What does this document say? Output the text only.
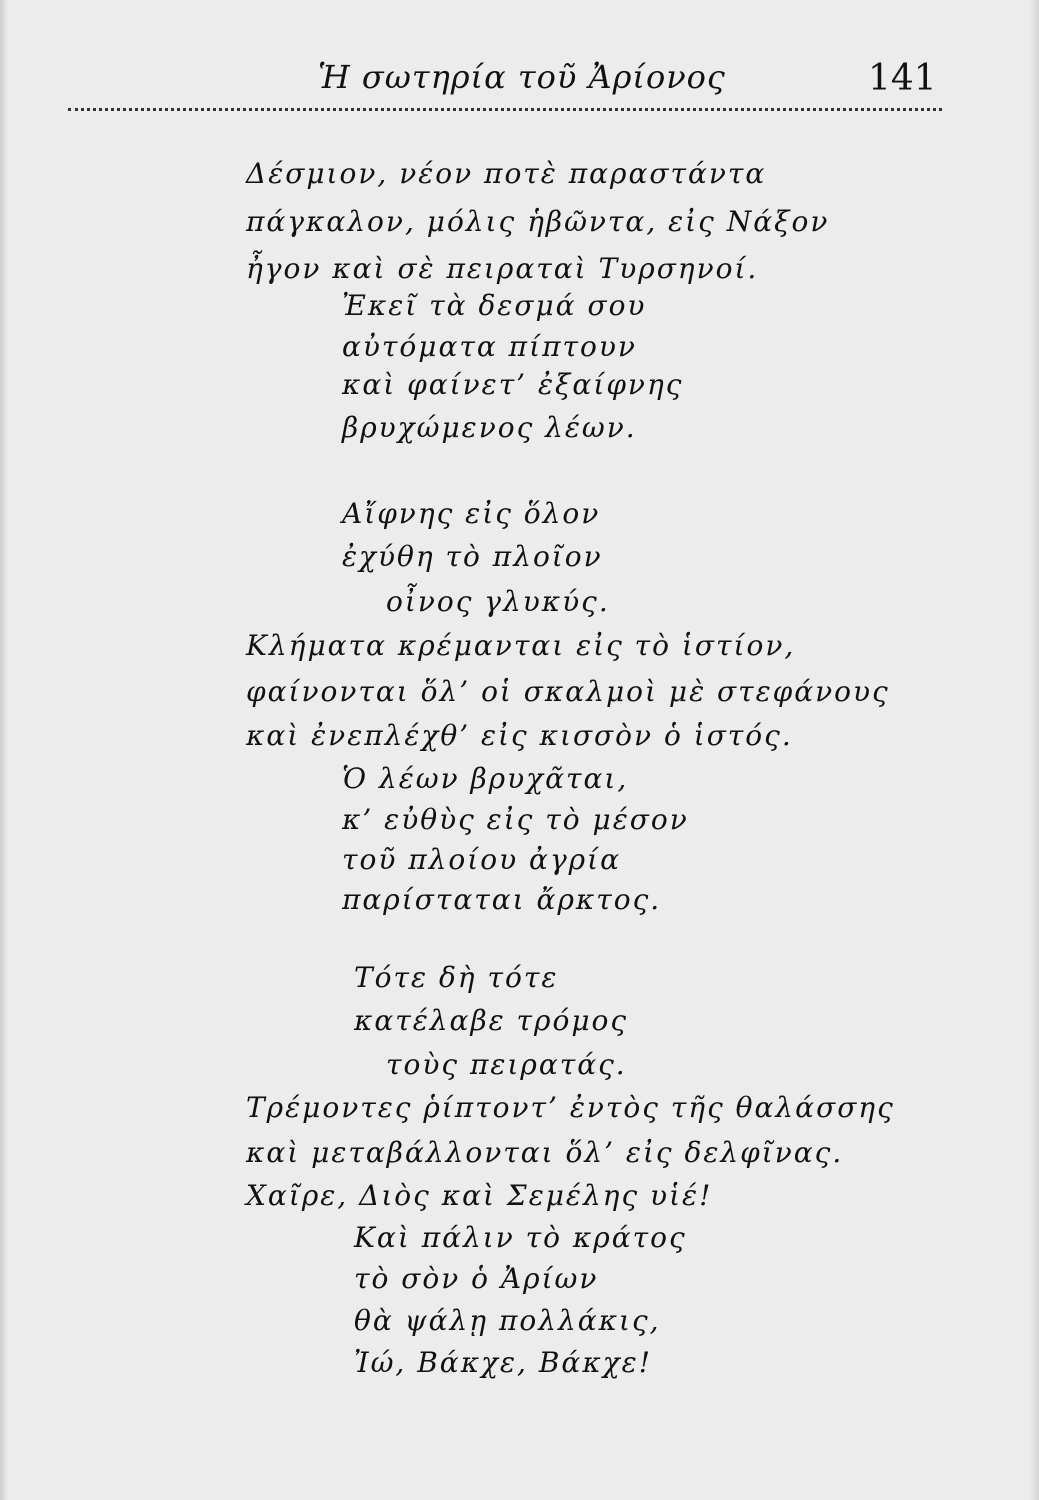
Ἡ σωτηρία τοῦ Ἀρίονος	141
Δέσμιον, νέον ποτὲ παραστάντα
πάγκαλον, μόλις ἡβῶντα, εἰς Νάξον
ἦγον καὶ σὲ πειραταὶ Τυρσηνοί.
Ἐκεῖ τὰ δεσμά σου
αὐτόματα πίπτουν
καὶ φαίνετ’ ἐξαίφνης
βρυχώμενος λέων.
Αἴφνης εἰς ὅλον
ἐχύθη τὸ πλοῖον
οἶνος γλυκύς.
Κλήματα κρέμανται εἰς τὸ ἱστίον,
φαίνονται ὅλ’ οἱ σκαλμοὶ μὲ στεφάνους
καὶ ἐνεπλέχθ’ εἰς κισσὸν ὁ ἱστός.
Ὁ λέων βρυχᾶται,
κ’ εὐθὺς εἰς τὸ μέσον
τοῦ πλοίου ἀγρία
παρίσταται ἄρκτος.
Τότε δὴ τότε
κατέλαβε τρόμος
τοὺς πειρατάς.
Τρέμοντες ῥίπτοντ’ ἐντὸς τῆς θαλάσσης
καὶ μεταβάλλονται ὅλ’ εἰς δελφῖνας.
Χαῖρε, Διὸς καὶ Σεμέλης υἱέ!
Καὶ πάλιν τὸ κράτος
τὸ σὸν ὁ Ἀρίων
θὰ ψάλῃ πολλάκις,
Ἰώ, Βάκχε, Βάκχε!
